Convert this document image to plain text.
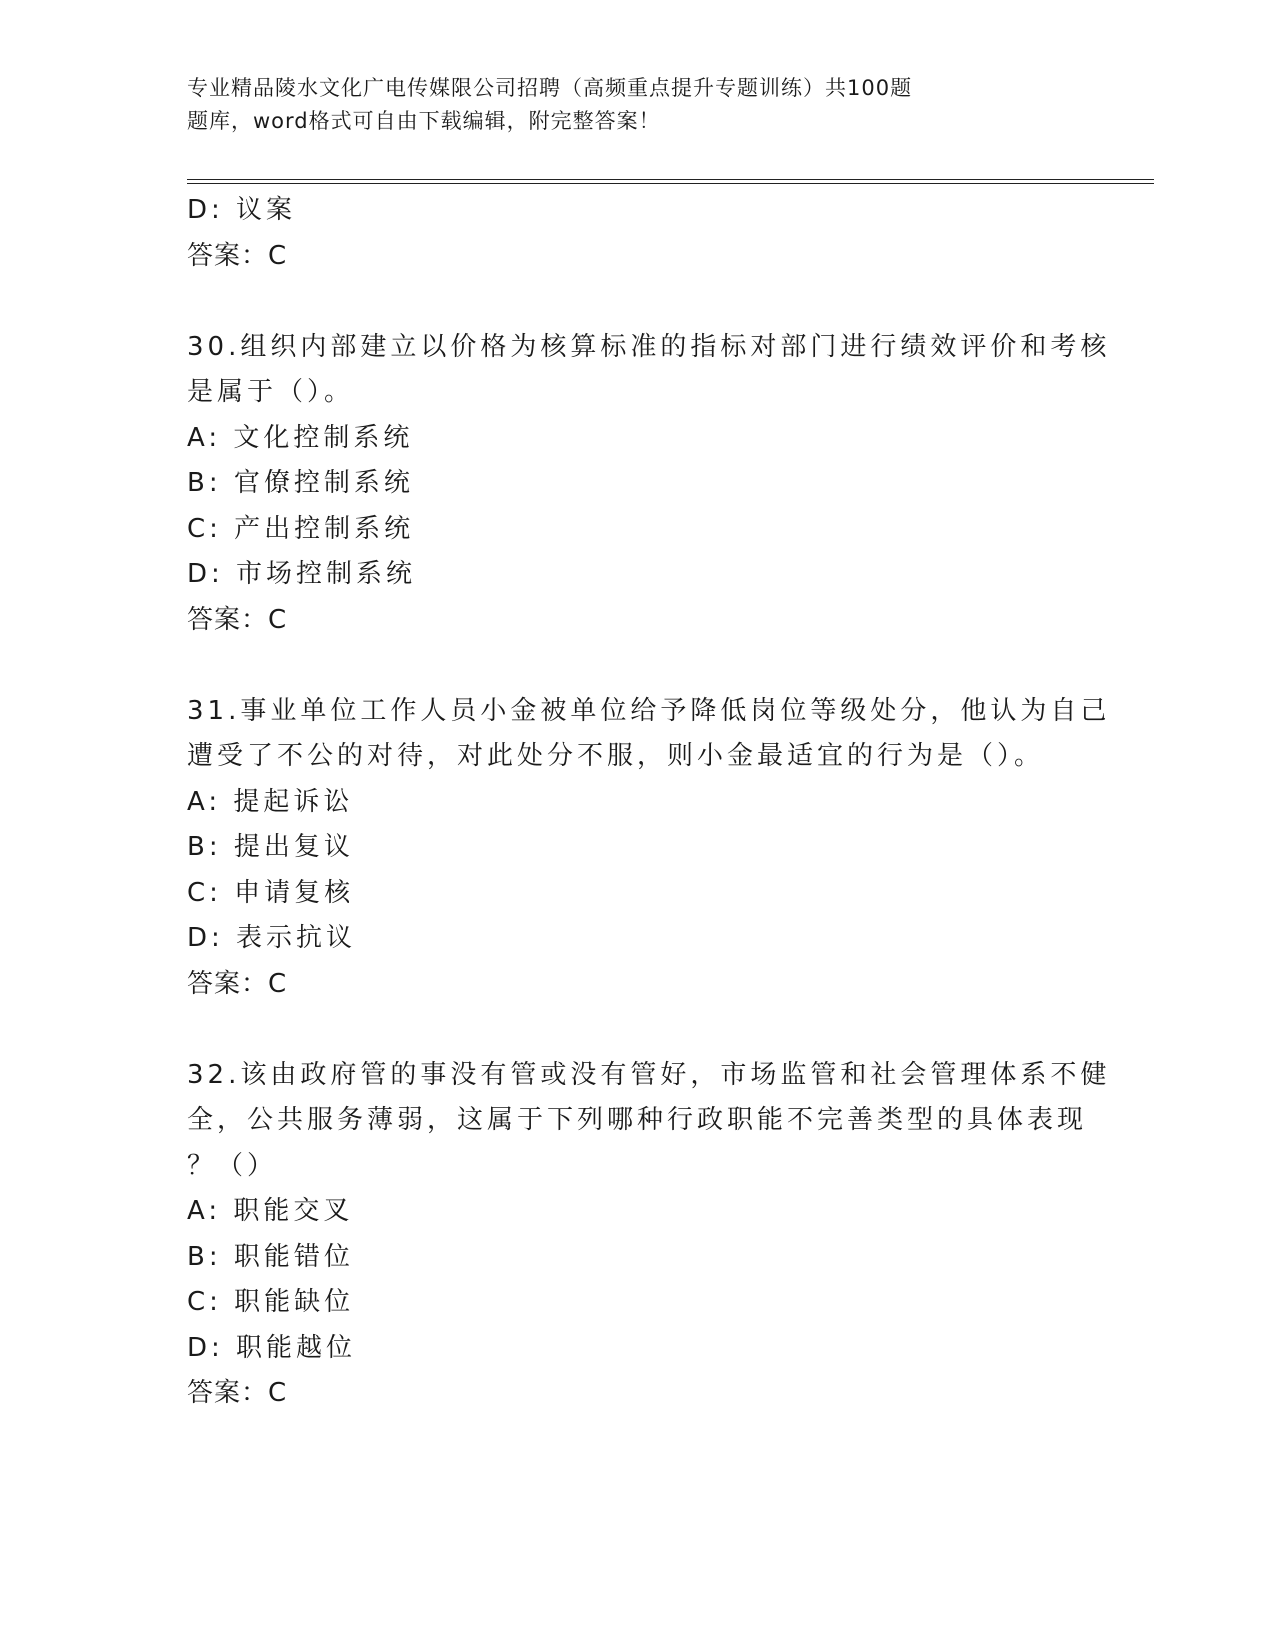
专业精品陵水文化广电传媒限公司招聘（高频重点提升专题训练）共100题
题库，word格式可自由下载编辑，附完整答案！
D: 议案
答案：C
30.组织内部建立以价格为核算标准的指标对部门进行绩效评价和考核
是属于（）。
A: 文化控制系统
B: 官僚控制系统
C: 产出控制系统
D: 市场控制系统
答案：C
31.事业单位工作人员小金被单位给予降低岗位等级处分，他认为自己
遭受了不公的对待，对此处分不服，则小金最适宜的行为是（）。
A: 提起诉讼
B: 提出复议
C: 申请复核
D: 表示抗议
答案：C
32.该由政府管的事没有管或没有管好，市场监管和社会管理体系不健
全，公共服务薄弱，这属于下列哪种行政职能不完善类型的具体表现
？（）
A: 职能交叉
B: 职能错位
C: 职能缺位
D: 职能越位
答案：C
